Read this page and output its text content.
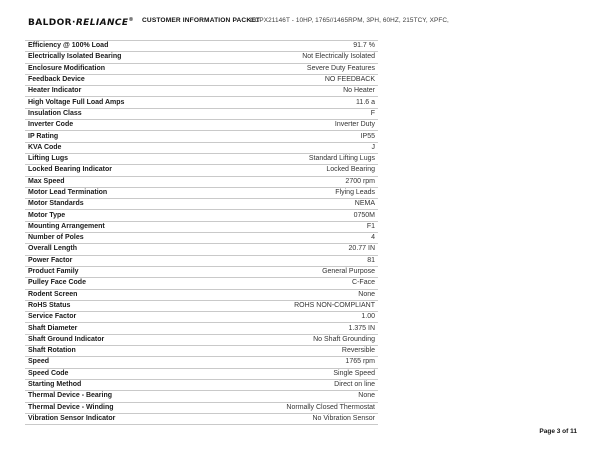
BALDOR·RELIANCE® CUSTOMER INFORMATION PACKET
CCPX21146T - 10HP, 1765//1465RPM, 3PH, 60HZ, 215TCY, XPFC,
Efficiency @ 100% Load	91.7 %
Electrically Isolated Bearing	Not Electrically Isolated
Enclosure Modification	Severe Duty Features
Feedback Device	NO FEEDBACK
Heater Indicator	No Heater
High Voltage Full Load Amps	11.6 a
Insulation Class	F
Inverter Code	Inverter Duty
IP Rating	IP55
KVA Code	J
Lifting Lugs	Standard Lifting Lugs
Locked Bearing Indicator	Locked Bearing
Max Speed	2700 rpm
Motor Lead Termination	Flying Leads
Motor Standards	NEMA
Motor Type	0750M
Mounting Arrangement	F1
Number of Poles	4
Overall Length	20.77 IN
Power Factor	81
Product Family	General Purpose
Pulley Face Code	C-Face
Rodent Screen	None
RoHS Status	ROHS NON-COMPLIANT
Service Factor	1.00
Shaft Diameter	1.375 IN
Shaft Ground Indicator	No Shaft Grounding
Shaft Rotation	Reversible
Speed	1765 rpm
Speed Code	Single Speed
Starting Method	Direct on line
Thermal Device - Bearing	None
Thermal Device - Winding	Normally Closed Thermostat
Vibration Sensor Indicator	No Vibration Sensor
Page 3 of 11
